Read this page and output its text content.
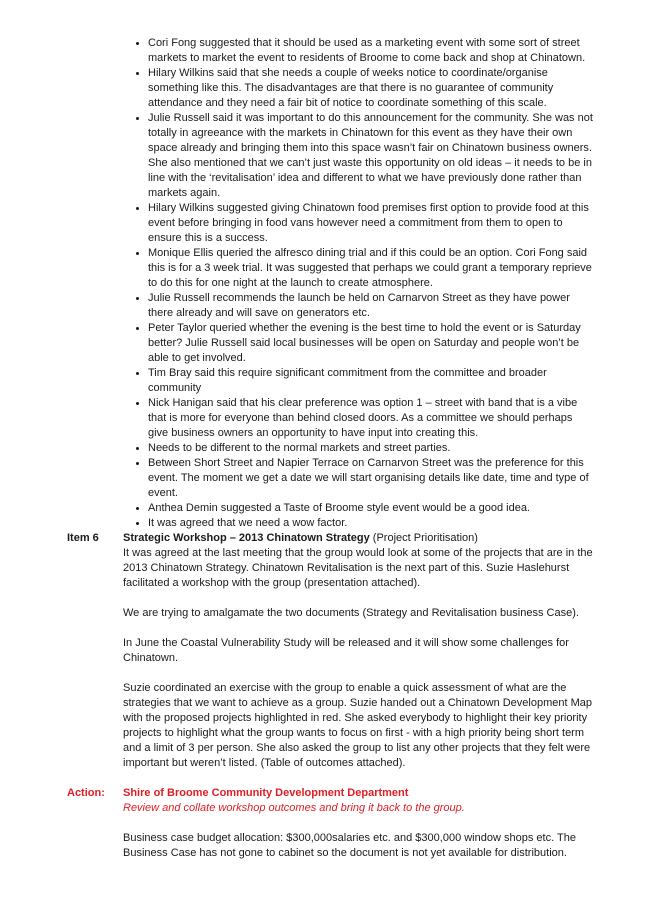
• Cori Fong suggested that it should be used as a marketing event with some sort of street markets to market the event to residents of Broome to come back and shop at Chinatown.
• Hilary Wilkins said that she needs a couple of weeks notice to coordinate/organise something like this. The disadvantages are that there is no guarantee of community attendance and they need a fair bit of notice to coordinate something of this scale.
• Julie Russell said it was important to do this announcement for the community. She was not totally in agreeance with the markets in Chinatown for this event as they have their own space already and bringing them into this space wasn’t fair on Chinatown business owners. She also mentioned that we can’t just waste this opportunity on old ideas – it needs to be in line with the ‘revitalisation’ idea and different to what we have previously done rather than markets again.
• Hilary Wilkins suggested giving Chinatown food premises first option to provide food at this event before bringing in food vans however need a commitment from them to open to ensure this is a success.
• Monique Ellis queried the alfresco dining trial and if this could be an option. Cori Fong said this is for a 3 week trial. It was suggested that perhaps we could grant a temporary reprieve to do this for one night at the launch to create atmosphere.
• Julie Russell recommends the launch be held on Carnarvon Street as they have power there already and will save on generators etc.
• Peter Taylor queried whether the evening is the best time to hold the event or is Saturday better? Julie Russell said local businesses will be open on Saturday and people won’t be able to get involved.
• Tim Bray said this require significant commitment from the committee and broader community
• Nick Hanigan said that his clear preference was option 1 – street with band that is a vibe that is more for everyone than behind closed doors. As a committee we should perhaps give business owners an opportunity to have input into creating this.
• Needs to be different to the normal markets and street parties.
• Between Short Street and Napier Terrace on Carnarvon Street was the preference for this event. The moment we get a date we will start organising details like date, time and type of event.
• Anthea Demin suggested a Taste of Broome style event would be a good idea.
• It was agreed that we need a wow factor.
Item 6	Strategic Workshop – 2013 Chinatown Strategy (Project Prioritisation)

It was agreed at the last meeting that the group would look at some of the projects that are in the 2013 Chinatown Strategy. Chinatown Revitalisation is the next part of this. Suzie Haslehurst facilitated a workshop with the group (presentation attached).

We are trying to amalgamate the two documents (Strategy and Revitalisation business Case).

In June the Coastal Vulnerability Study will be released and it will show some challenges for Chinatown.

Suzie coordinated an exercise with the group to enable a quick assessment of what are the strategies that we want to achieve as a group. Suzie handed out a Chinatown Development Map with the proposed projects highlighted in red. She asked everybody to highlight their key priority projects to highlight what the group wants to focus on first - with a high priority being short term and a limit of 3 per person. She also asked the group to list any other projects that they felt were important but weren’t listed. (Table of outcomes attached).

Action:	Shire of Broome Community Development Department

Review and collate workshop outcomes and bring it back to the group.

Business case budget allocation: $300,000salaries etc. and $300,000 window shops etc. The Business Case has not gone to cabinet so the document is not yet available for distribution.
